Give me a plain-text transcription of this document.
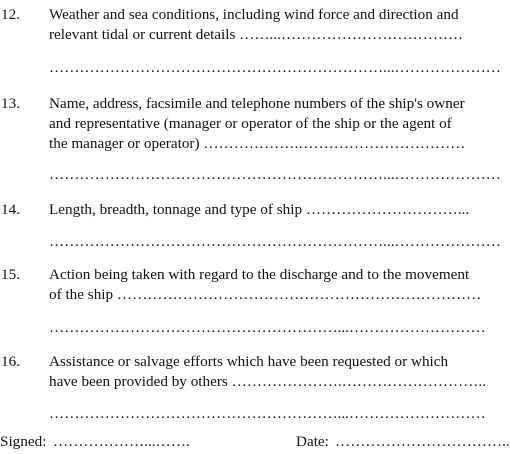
12. Weather and sea conditions, including wind force and direction and
relevant tidal or current details ……...………………………………
…………………………………………………………...…………………
13. Name, address, facsimile and telephone numbers of the ship's owner
and representative (manager or operator of the ship or the agent of
the manager or operator) ……………….……………………………
…………………………………………………………...…………………
14. Length, breadth, tonnage and type of ship …………………………...
…………………………………………………………...…………………
15. Action being taken with regard to the discharge and to the movement
of the ship ………………………………………………………………
…………………………………………………...………………………
16. Assistance or salvage efforts which have been requested or which
have been provided by others ………………….………………………..
…………………………………………………...………………………
Signed: ………………...…….	Date: ……………………………..
